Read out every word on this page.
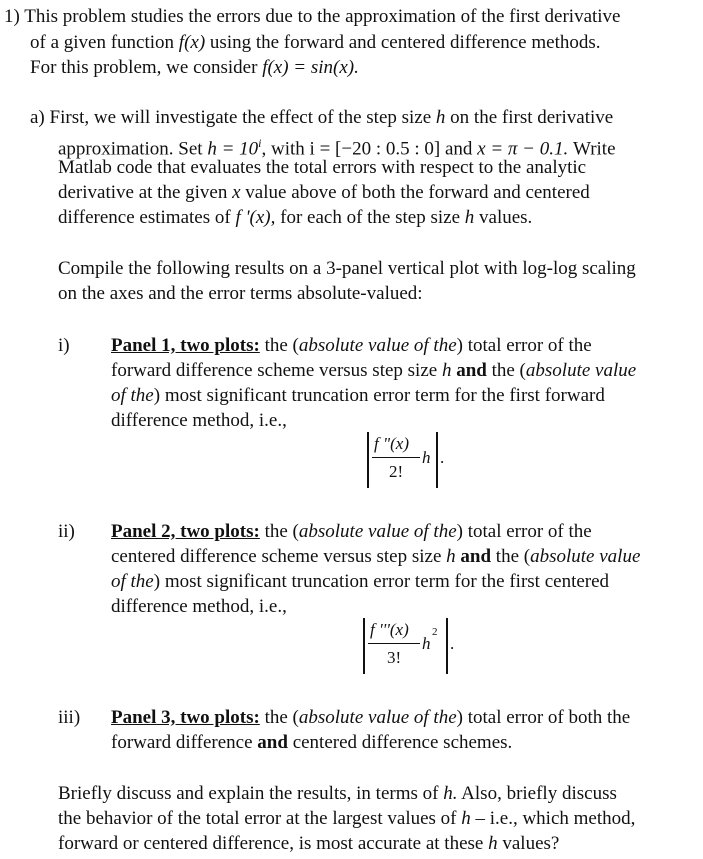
1) This problem studies the errors due to the approximation of the first derivative
of a given function f(x) using the forward and centered difference methods.
For this problem, we consider f(x) = sin(x).
a) First, we will investigate the effect of the step size h on the first derivative
approximation. Set $h = 10^i$, with i = [−20 : 0.5 : 0] and x = π − 0.1. Write
Matlab code that evaluates the total errors with respect to the analytic
derivative at the given x value above of both the forward and centered
difference estimates of f '(x), for each of the step size h values.
Compile the following results on a 3-panel vertical plot with log-log scaling
on the axes and the error terms absolute-valued:
i) Panel 1, two plots: the (absolute value of the) total error of the
forward difference scheme versus step size h and the (absolute value
of the) most significant truncation error term for the first forward
difference method, i.e.,
f "(x)
2!
h .
ii) Panel 2, two plots: the (absolute value of the) total error of the
centered difference scheme versus step size h and the (absolute value
of the) most significant truncation error term for the first centered
difference method, i.e.,
f '''(x)
3!
h
2
.
iii) Panel 3, two plots: the (absolute value of the) total error of both the
forward difference and centered difference schemes.
Briefly discuss and explain the results, in terms of h. Also, briefly discuss
the behavior of the total error at the largest values of h – i.e., which method,
forward or centered difference, is most accurate at these h values?
